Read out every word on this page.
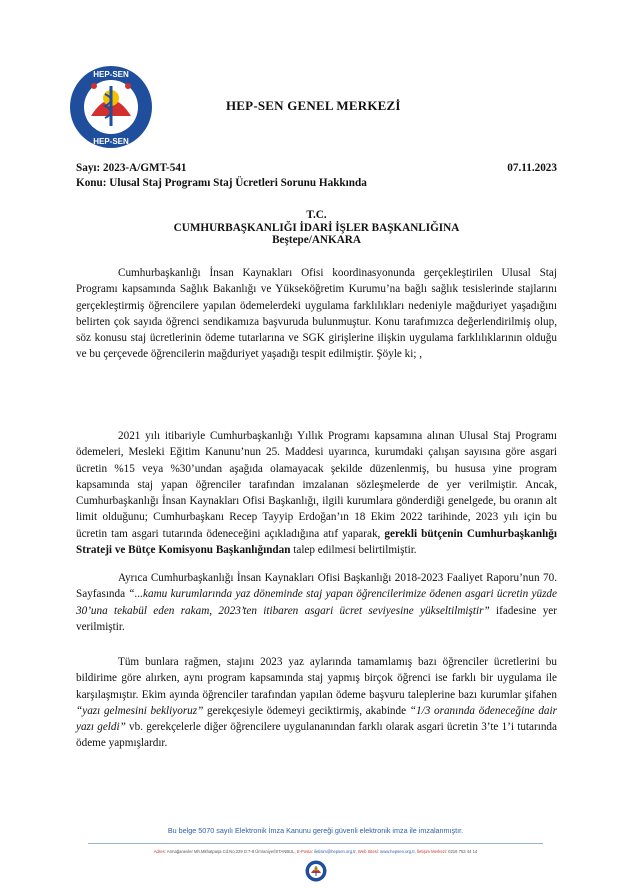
HEP-SEN
HEP-SEN
HEP-SEN GENEL MERKEZİ
Sayı: 2023-A/GMT-541	07.11.2023
Konu: Ulusal Staj Programı Staj Ücretleri Sorunu Hakkında
T.C.
CUMHURBAŞKANLIĞI İDARİ İŞLER BAŞKANLIĞINA
Beştepe/ANKARA

Cumhurbaşkanlığı İnsan Kaynakları Ofisi koordinasyonunda gerçekleştirilen Ulusal Staj Programı kapsamında Sağlık Bakanlığı ve Yükseköğretim Kurumu’na bağlı sağlık tesislerinde stajlarını gerçekleştirmiş öğrencilere yapılan ödemelerdeki uygulama farklılıkları nedeniyle mağduriyet yaşadığını belirten çok sayıda öğrenci sendikamıza başvuruda bulunmuştur. Konu tarafımızca değerlendirilmiş olup, söz konusu staj ücretlerinin ödeme tutarlarına ve SGK girişlerine ilişkin uygulama farklılıklarının olduğu ve bu çerçevede öğrencilerin mağduriyet yaşadığı tespit edilmiştir. Şöyle ki; ,

2021 yılı itibariyle Cumhurbaşkanlığı Yıllık Programı kapsamına alınan Ulusal Staj Programı ödemeleri, Mesleki Eğitim Kanunu’nun 25. Maddesi uyarınca, kurumdaki çalışan sayısına göre asgari ücretin %15 veya %30’undan aşağıda olamayacak şekilde düzenlenmiş, bu hususa yine program kapsamında staj yapan öğrenciler tarafından imzalanan sözleşmelerde de yer verilmiştir. Ancak, Cumhurbaşkanlığı İnsan Kaynakları Ofisi Başkanlığı, ilgili kurumlara gönderdiği genelgede, bu oranın alt limit olduğunu; Cumhurbaşkanı Recep Tayyip Erdoğan’ın 18 Ekim 2022 tarihinde, 2023 yılı için bu ücretin tam asgari tutarında ödeneceğini açıkladığına atıf yaparak, gerekli bütçenin Cumhurbaşkanlığı Strateji ve Bütçe Komisyonu Başkanlığından talep edilmesi belirtilmiştir.

Ayrıca Cumhurbaşkanlığı İnsan Kaynakları Ofisi Başkanlığı 2018-2023 Faaliyet Raporu’nun 70. Sayfasında “...kamu kurumlarında yaz döneminde staj yapan öğrencilerimize ödenen asgari ücretin yüzde 30’una tekabül eden rakam, 2023’ten itibaren asgari ücret seviyesine yükseltilmiştir” ifadesine yer verilmiştir.

Tüm bunlara rağmen, stajını 2023 yaz aylarında tamamlamış bazı öğrenciler ücretlerini bu bildirime göre alırken, aynı program kapsamında staj yapmış birçok öğrenci ise farklı bir uygulama ile karşılaşmıştır. Ekim ayında öğrenciler tarafından yapılan ödeme başvuru taleplerine bazı kurumlar şifahen “yazı gelmesini bekliyoruz” gerekçesiyle ödemeyi geciktirmiş, akabinde “1/3 oranında ödeneceğine dair yazı geldi” vb. gerekçelerle diğer öğrencilere uygulananından farklı olarak asgari ücretin 3’te 1’i tutarında ödeme yapmışlardır.

Bu belge 5070 sayılı Elektronik İmza Kanunu gereği güvenli elektronik imza ile imzalanmıştır.
Adres: Armağanevler Mh.Mithatpaşa Cd.No:229 D:7-8 Ümraniye/İSTANBUL, E-Posta: iletisim@hepsen.org.tr, Web Sitesi: www.hepsen.org.tr, İletişim Merkezi: 0216 753 44 14
